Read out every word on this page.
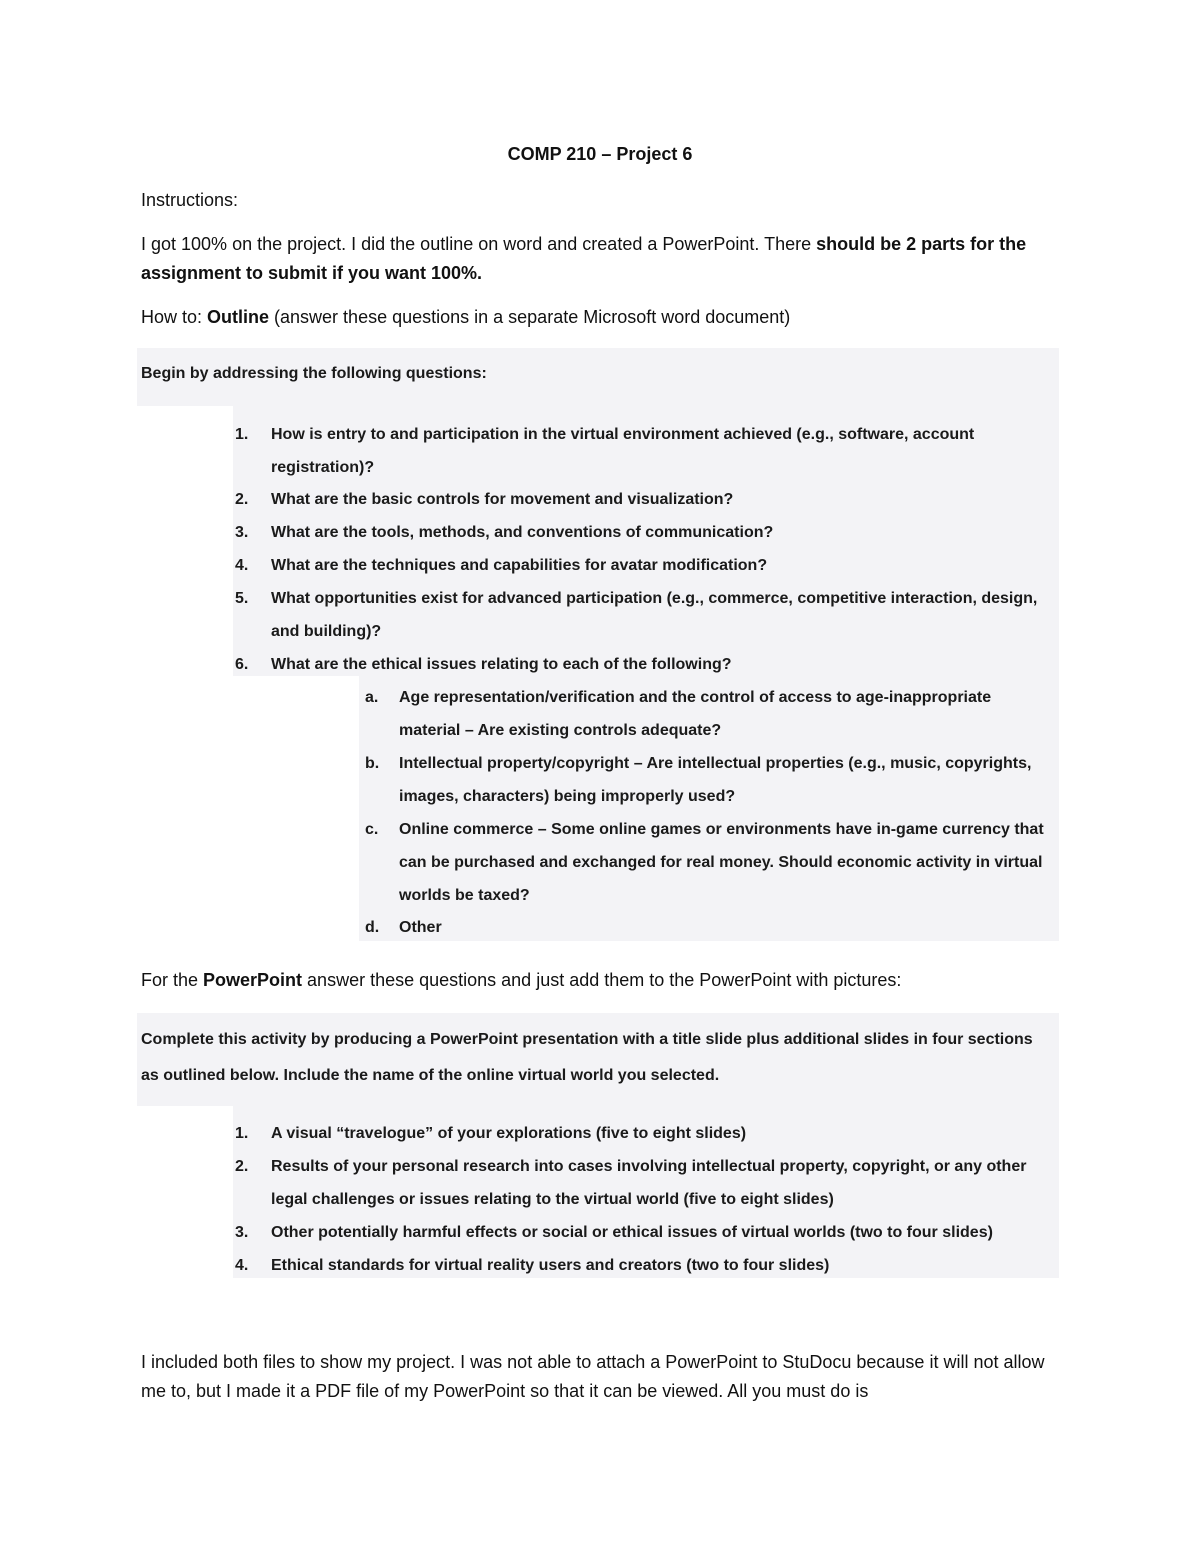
COMP 210 – Project 6

Instructions:

I got 100% on the project. I did the outline on word and created a PowerPoint. There should be 2 parts for the assignment to submit if you want 100%.

How to: Outline (answer these questions in a separate Microsoft word document)

Begin by addressing the following questions:

1. How is entry to and participation in the virtual environment achieved (e.g., software, account registration)?
2. What are the basic controls for movement and visualization?
3. What are the tools, methods, and conventions of communication?
4. What are the techniques and capabilities for avatar modification?
5. What opportunities exist for advanced participation (e.g., commerce, competitive interaction, design, and building)?
6. What are the ethical issues relating to each of the following?
a. Age representation/verification and the control of access to age-inappropriate material – Are existing controls adequate?
b. Intellectual property/copyright – Are intellectual properties (e.g., music, copyrights, images, characters) being improperly used?
c. Online commerce – Some online games or environments have in-game currency that can be purchased and exchanged for real money. Should economic activity in virtual worlds be taxed?
d. Other

For the PowerPoint answer these questions and just add them to the PowerPoint with pictures:

Complete this activity by producing a PowerPoint presentation with a title slide plus additional slides in four sections as outlined below. Include the name of the online virtual world you selected.

1. A visual “travelogue” of your explorations (five to eight slides)
2. Results of your personal research into cases involving intellectual property, copyright, or any other legal challenges or issues relating to the virtual world (five to eight slides)
3. Other potentially harmful effects or social or ethical issues of virtual worlds (two to four slides)
4. Ethical standards for virtual reality users and creators (two to four slides)

I included both files to show my project. I was not able to attach a PowerPoint to StuDocu because it will not allow me to, but I made it a PDF file of my PowerPoint so that it can be viewed. All you must do is
